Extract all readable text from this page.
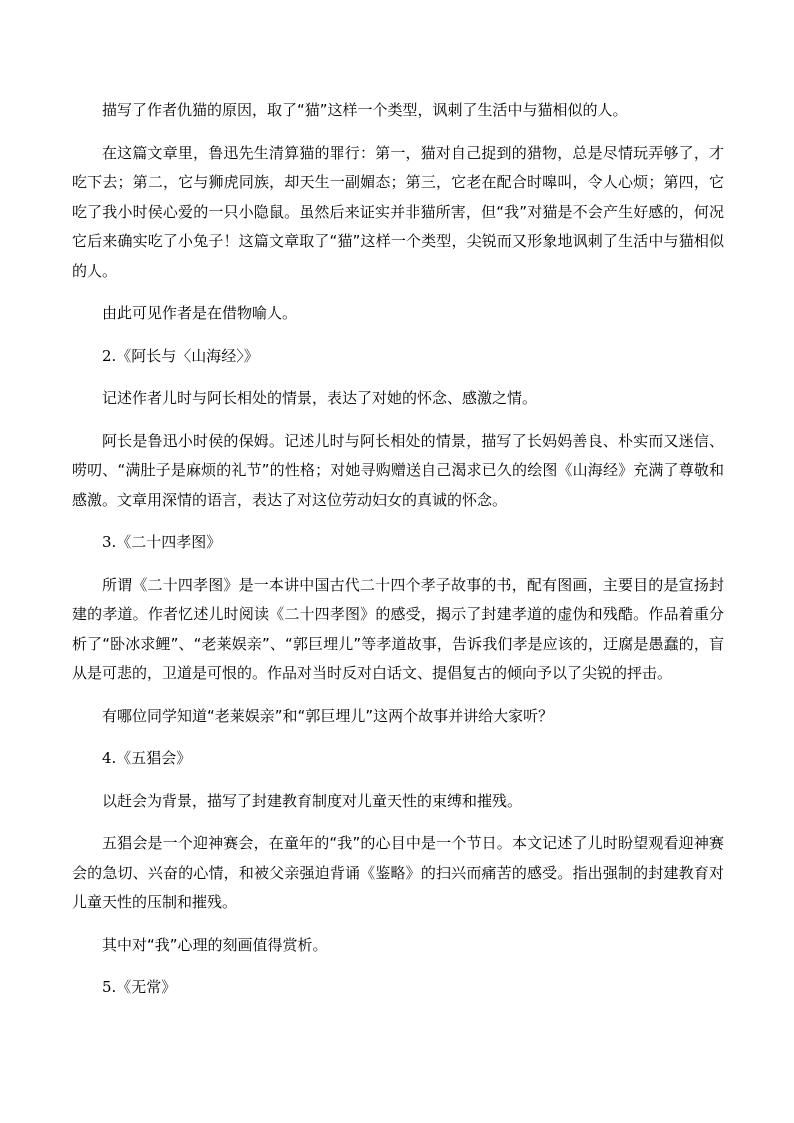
描写了作者仇猫的原因，取了“猫”这样一个类型，讽刺了生活中与猫相似的人。

在这篇文章里，鲁迅先生清算猫的罪行：第一，猫对自己捉到的猎物，总是尽情玩弄够了，才吃下去；第二，它与狮虎同族，却天生一副媚态；第三，它老在配合时嗥叫，令人心烦；第四，它吃了我小时侯心爱的一只小隐鼠。虽然后来证实并非猫所害，但“我”对猫是不会产生好感的，何况它后来确实吃了小兔子！这篇文章取了“猫”这样一个类型，尖锐而又形象地讽刺了生活中与猫相似的人。

由此可见作者是在借物喻人。

2.《阿长与〈山海经〉》

记述作者儿时与阿长相处的情景，表达了对她的怀念、感激之情。

阿长是鲁迅小时侯的保姆。记述儿时与阿长相处的情景，描写了长妈妈善良、朴实而又迷信、唠叨、“满肚子是麻烦的礼节”的性格；对她寻购赠送自己渴求已久的绘图《山海经》充满了尊敬和感激。文章用深情的语言，表达了对这位劳动妇女的真诚的怀念。

3.《二十四孝图》

所谓《二十四孝图》是一本讲中国古代二十四个孝子故事的书，配有图画，主要目的是宣扬封建的孝道。作者忆述儿时阅读《二十四孝图》的感受，揭示了封建孝道的虚伪和残酷。作品着重分析了“卧冰求鲤”、“老莱娱亲”、“郭巨埋儿”等孝道故事，告诉我们孝是应该的，迂腐是愚蠢的，盲从是可悲的，卫道是可恨的。作品对当时反对白话文、提倡复古的倾向予以了尖锐的抨击。

有哪位同学知道“老莱娱亲”和“郭巨埋儿”这两个故事并讲给大家听？

4.《五猖会》

以赶会为背景，描写了封建教育制度对儿童天性的束缚和摧残。

五猖会是一个迎神赛会，在童年的“我”的心目中是一个节日。本文记述了儿时盼望观看迎神赛会的急切、兴奋的心情，和被父亲强迫背诵《鉴略》的扫兴而痛苦的感受。指出强制的封建教育对儿童天性的压制和摧残。

其中对“我”心理的刻画值得赏析。

5.《无常》
